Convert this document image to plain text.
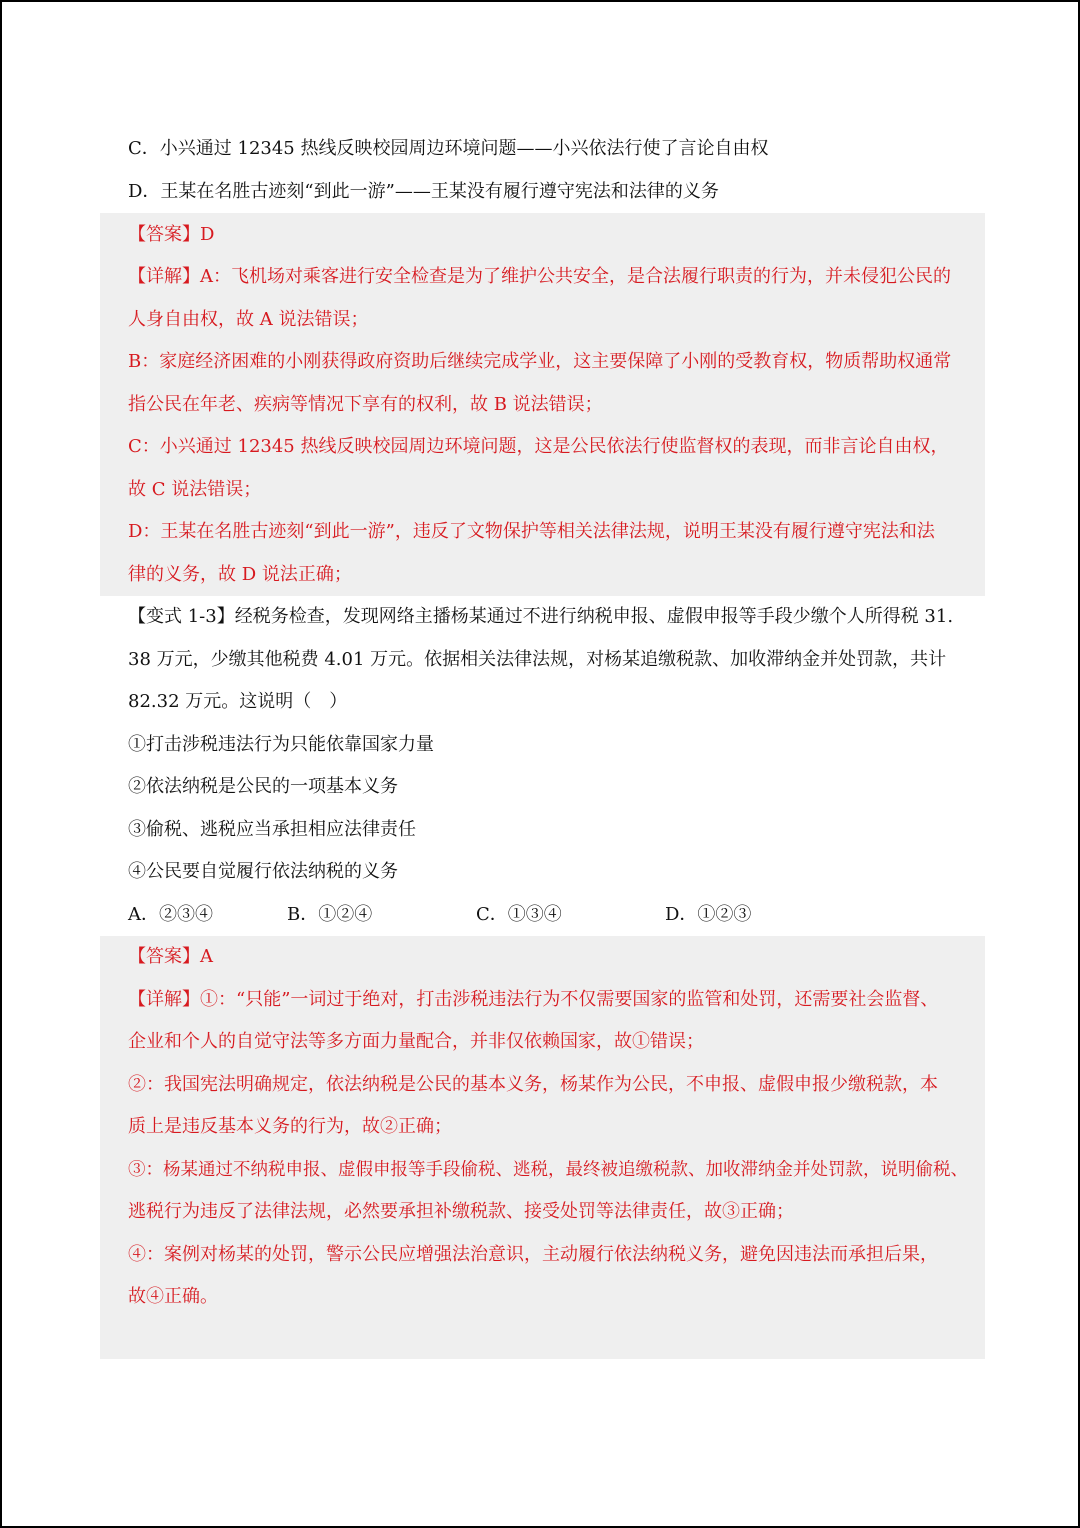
C．小兴通过 12345 热线反映校园周边环境问题——小兴依法行使了言论自由权
D．王某在名胜古迹刻“到此一游”——王某没有履行遵守宪法和法律的义务
【答案】D
【详解】A：飞机场对乘客进行安全检查是为了维护公共安全，是合法履行职责的行为，并未侵犯公民的
人身自由权，故 A 说法错误；
B：家庭经济困难的小刚获得政府资助后继续完成学业，这主要保障了小刚的受教育权，物质帮助权通常
指公民在年老、疾病等情况下享有的权利，故 B 说法错误；
C：小兴通过 12345 热线反映校园周边环境问题，这是公民依法行使监督权的表现，而非言论自由权，
故 C 说法错误；
D：王某在名胜古迹刻“到此一游”，违反了文物保护等相关法律法规，说明王某没有履行遵守宪法和法
律的义务，故 D 说法正确；
【变式 1-3】经税务检查，发现网络主播杨某通过不进行纳税申报、虚假申报等手段少缴个人所得税 31.
38 万元，少缴其他税费 4.01 万元。依据相关法律法规，对杨某追缴税款、加收滞纳金并处罚款，共计
82.32 万元。这说明（　）
①打击涉税违法行为只能依靠国家力量
②依法纳税是公民的一项基本义务
③偷税、逃税应当承担相应法律责任
④公民要自觉履行依法纳税的义务
A．②③④	B．①②④	C．①③④	D．①②③
【答案】A
【详解】①：“只能”一词过于绝对，打击涉税违法行为不仅需要国家的监管和处罚，还需要社会监督、
企业和个人的自觉守法等多方面力量配合，并非仅依赖国家，故①错误；
②：我国宪法明确规定，依法纳税是公民的基本义务，杨某作为公民，不申报、虚假申报少缴税款，本
质上是违反基本义务的行为，故②正确；
③：杨某通过不纳税申报、虚假申报等手段偷税、逃税，最终被追缴税款、加收滞纳金并处罚款，说明偷税、
逃税行为违反了法律法规，必然要承担补缴税款、接受处罚等法律责任，故③正确；
④：案例对杨某的处罚，警示公民应增强法治意识，主动履行依法纳税义务，避免因违法而承担后果，
故④正确。
